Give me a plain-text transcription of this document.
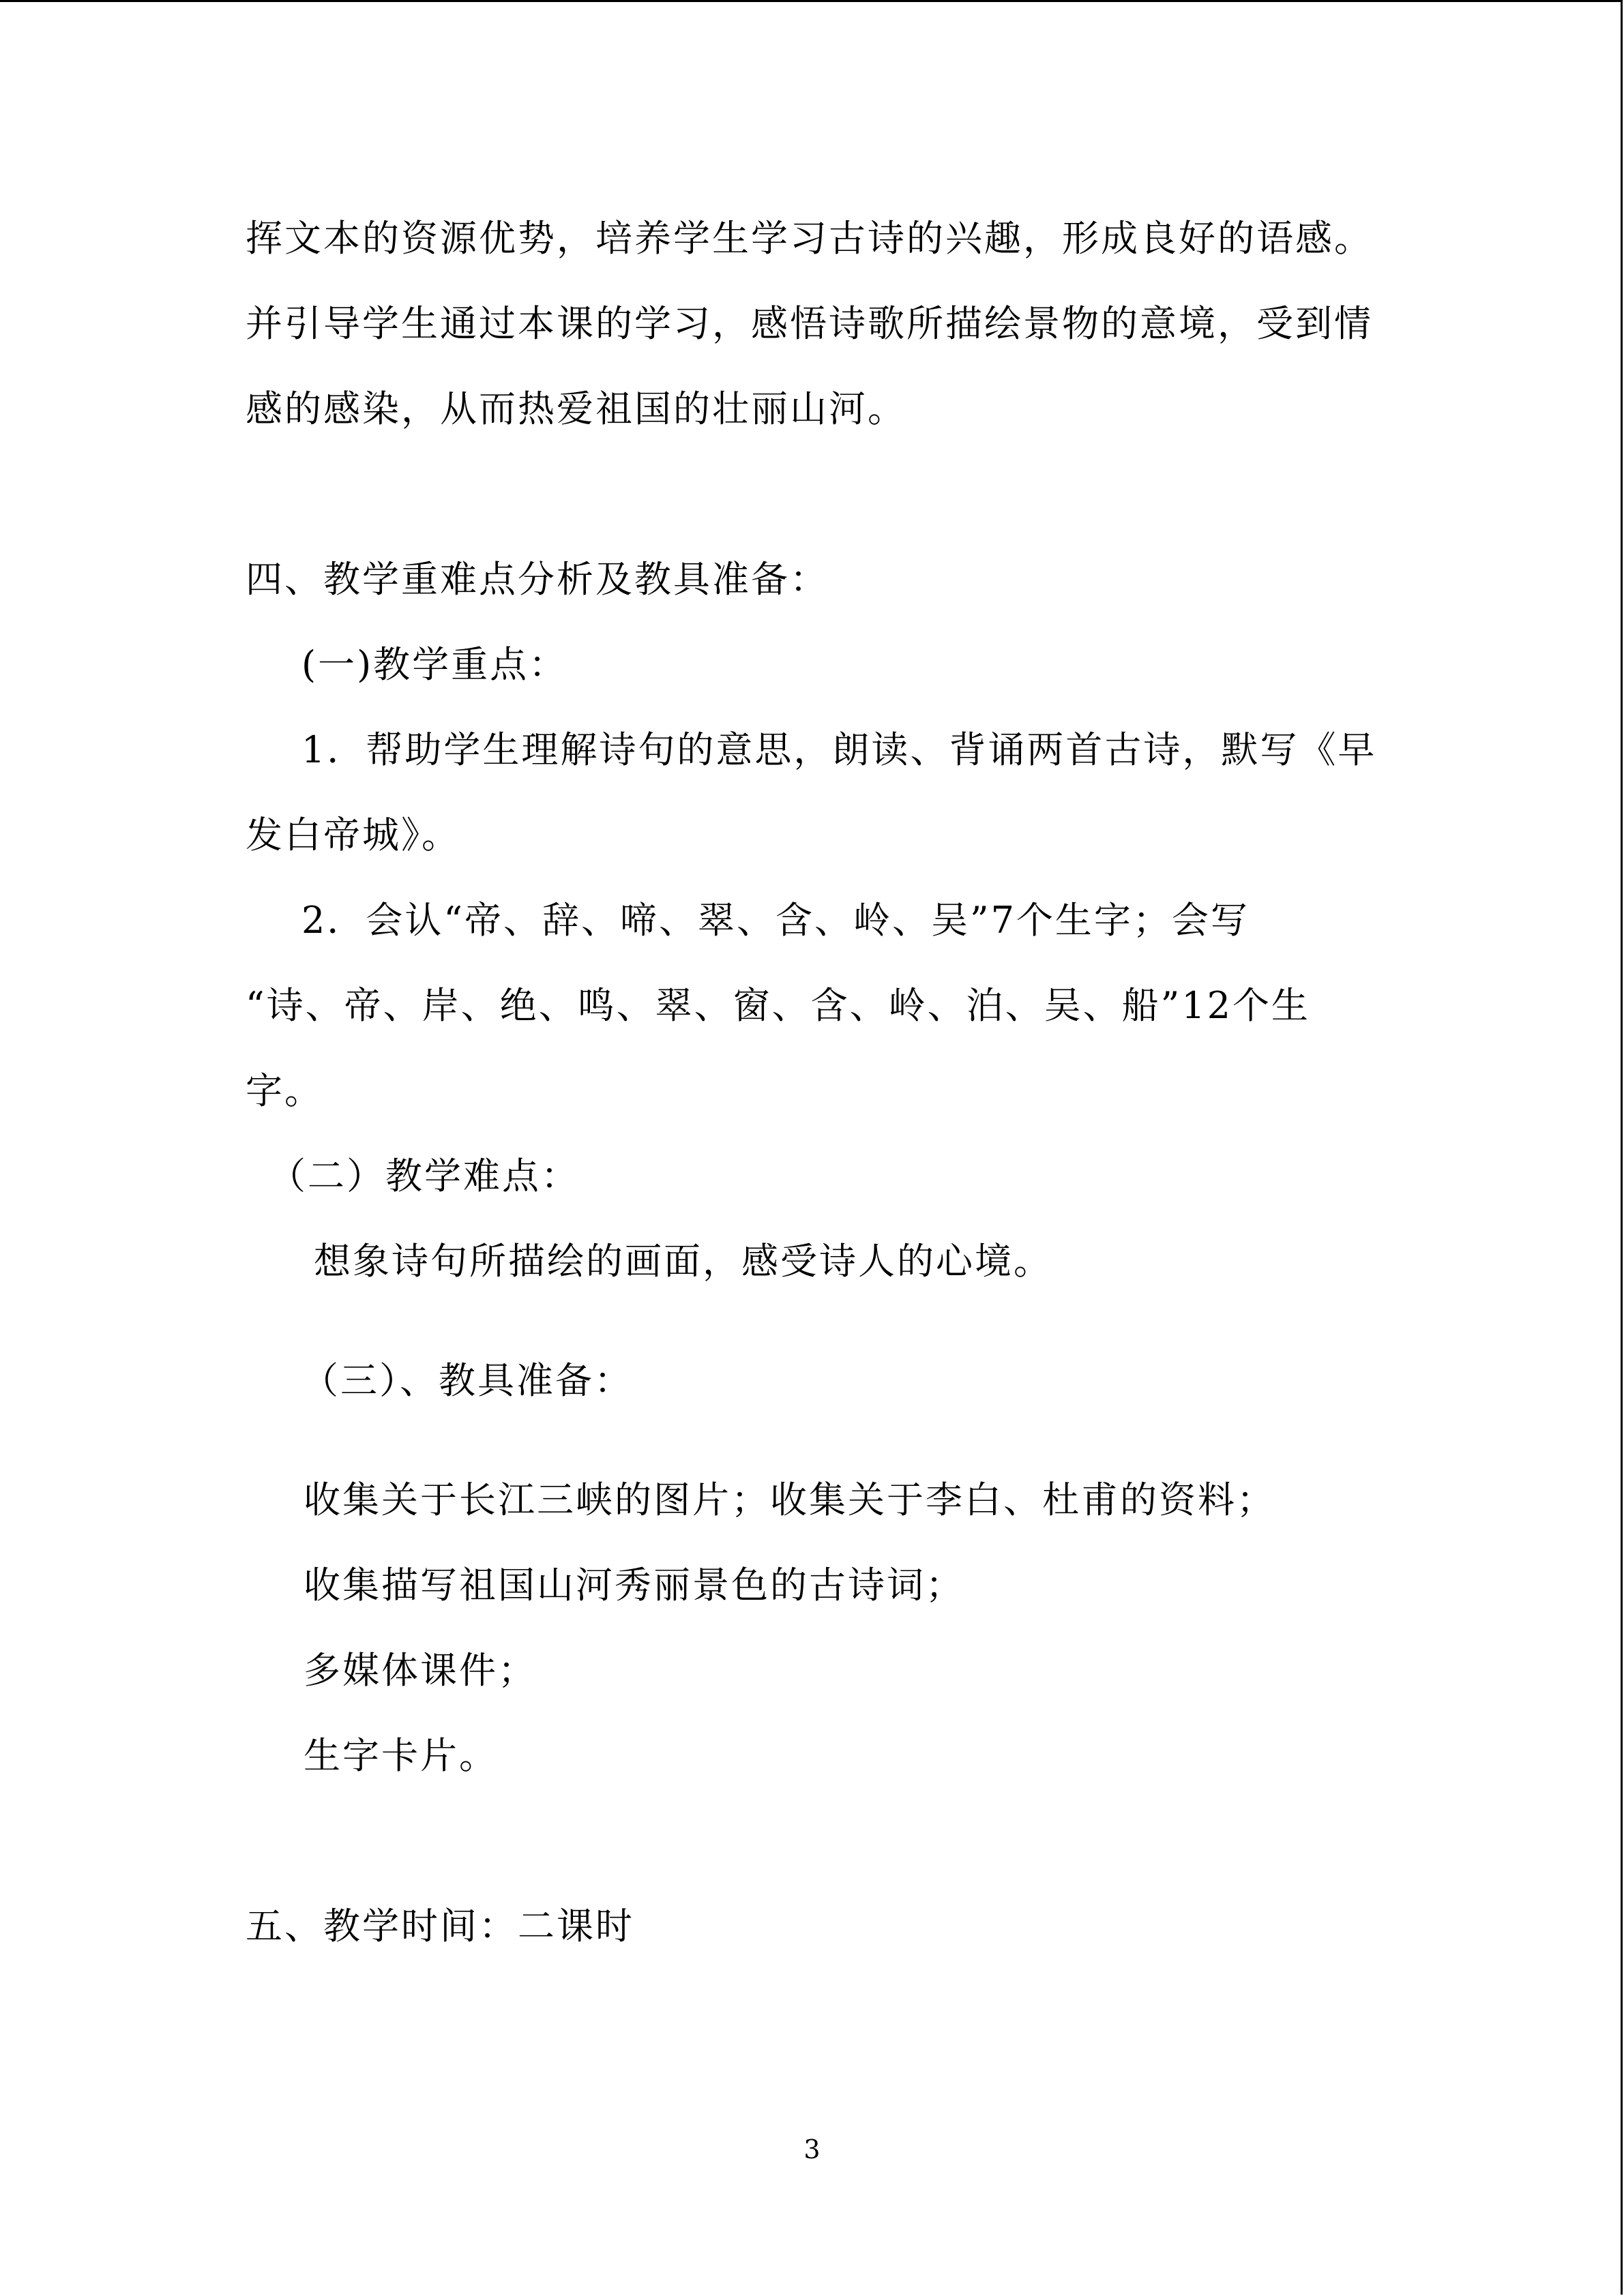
挥文本的资源优势，培养学生学习古诗的兴趣，形成良好的语感。
并引导学生通过本课的学习，感悟诗歌所描绘景物的意境，受到情
感的感染，从而热爱祖国的壮丽山河。
四、教学重难点分析及教具准备：
(一)教学重点：
1．帮助学生理解诗句的意思，朗读、背诵两首古诗，默写《早
发白帝城》。
2．会认“帝、辞、啼、翠、含、岭、吴”7个生字；会写
“诗、帝、岸、绝、鸣、翠、窗、含、岭、泊、吴、船”12个生
字。
（二）教学难点：
想象诗句所描绘的画面，感受诗人的心境。
（三）、教具准备：
收集关于长江三峡的图片；收集关于李白、杜甫的资料；
收集描写祖国山河秀丽景色的古诗词；
多媒体课件；
生字卡片。
五、教学时间：二课时
3
